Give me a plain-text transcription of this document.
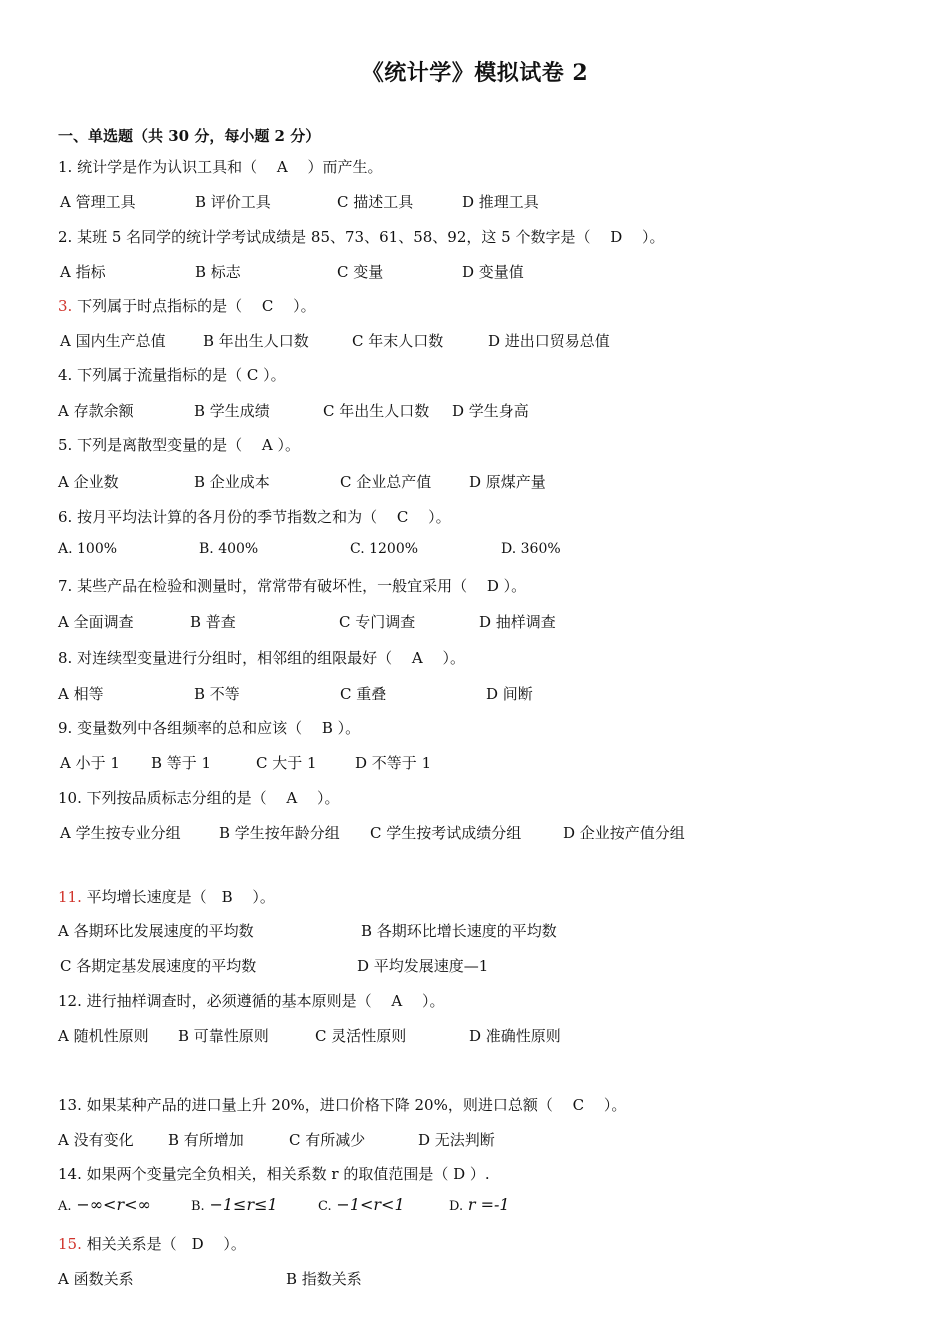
《统计学》模拟试卷 2
一、单选题（共 30 分，每小题 2 分）
1. 统计学是作为认识工具和（　 A　 ）而产生。
A 管理工具	B 评价工具	C 描述工具	D 推理工具
2. 某班 5 名同学的统计学考试成绩是 85、73、61、58、92，这 5 个数字是（　 D　 ）。
A 指标	B 标志	C 变量	D 变量值
3. 下列属于时点指标的是（　 C　 ）。
A 国内生产总值 B 年出生人口数	C 年末人口数	D 进出口贸易总值
4. 下列属于流量指标的是（ C ）。
A 存款余额	B 学生成绩	C 年出生人口数 D 学生身高
5. 下列是离散型变量的是（　 A ）。
A 企业数	B 企业成本	C 企业总产值	D 原煤产量
6. 按月平均法计算的各月份的季节指数之和为（　 C　 ）。
A. 100%	B. 400%	C. 1200%	D. 360%
7. 某些产品在检验和测量时，常常带有破坏性，一般宜采用（　 D ）。
A 全面调查	B 普查	C 专门调查	D 抽样调查
8. 对连续型变量进行分组时，相邻组的组限最好（　 A　 ）。
A 相等	B 不等	C 重叠	D 间断
9. 变量数列中各组频率的总和应该（　 B ）。
A 小于 1 B 等于 1	C 大于 1	D 不等于 1
10. 下列按品质标志分组的是（　 A　 ）。
A 学生按专业分组	B 学生按年龄分组 C 学生按考试成绩分组	D 企业按产值分组
11. 平均增长速度是（　B　 ）。
A 各期环比发展速度的平均数	B 各期环比增长速度的平均数
C 各期定基发展速度的平均数	D 平均发展速度—1
12. 进行抽样调查时，必须遵循的基本原则是（　 A　 ）。
A 随机性原则 B 可靠性原则	C 灵活性原则	D 准确性原则
13. 如果某种产品的进口量上升 20%，进口价格下降 20%，则进口总额（　 C　 ）。
A 没有变化 B 有所增加	C 有所减少	D 无法判断
14. 如果两个变量完全负相关，相关系数 r 的取值范围是（ D ）.
A. −∞<r<∞	B. −1≤r≤1	C. −1<r<1	D. r =-1
15. 相关关系是（　D　 ）。
A 函数关系	B 指数关系
